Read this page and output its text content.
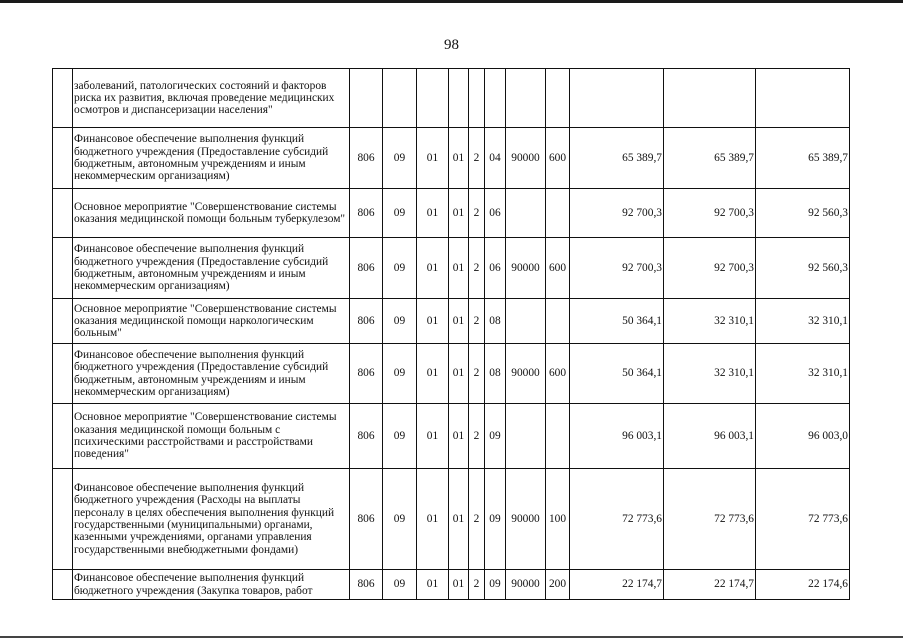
98
	заболеваний, патологических состояний и факторов риска их развития, включая проведение медицинских осмотров и диспансеризации населения"											
	Финансовое обеспечение выполнения функций бюджетного учреждения (Предоставление субсидий бюджетным, автономным учреждениям и иным некоммерческим организациям)	806	09	01	01	2	04	90000	600	65 389,7	65 389,7	65 389,7
	Основное мероприятие "Совершенствование системы оказания медицинской помощи больным туберкулезом"	806	09	01	01	2	06			92 700,3	92 700,3	92 560,3
	Финансовое обеспечение выполнения функций бюджетного учреждения (Предоставление субсидий бюджетным, автономным учреждениям и иным некоммерческим организациям)	806	09	01	01	2	06	90000	600	92 700,3	92 700,3	92 560,3
	Основное мероприятие "Совершенствование системы оказания медицинской помощи наркологическим больным"	806	09	01	01	2	08			50 364,1	32 310,1	32 310,1
	Финансовое обеспечение выполнения функций бюджетного учреждения (Предоставление субсидий бюджетным, автономным учреждениям и иным некоммерческим организациям)	806	09	01	01	2	08	90000	600	50 364,1	32 310,1	32 310,1
	Основное мероприятие "Совершенствование системы оказания медицинской помощи больным с психическими расстройствами и расстройствами поведения"	806	09	01	01	2	09			96 003,1	96 003,1	96 003,0
	Финансовое обеспечение выполнения функций бюджетного учреждения (Расходы на выплаты персоналу в целях обеспечения выполнения функций государственными (муниципальными) органами, казенными учреждениями, органами управления государственными внебюджетными фондами)	806	09	01	01	2	09	90000	100	72 773,6	72 773,6	72 773,6
	Финансовое обеспечение выполнения функций бюджетного учреждения (Закупка товаров, работ	806	09	01	01	2	09	90000	200	22 174,7	22 174,7	22 174,6
